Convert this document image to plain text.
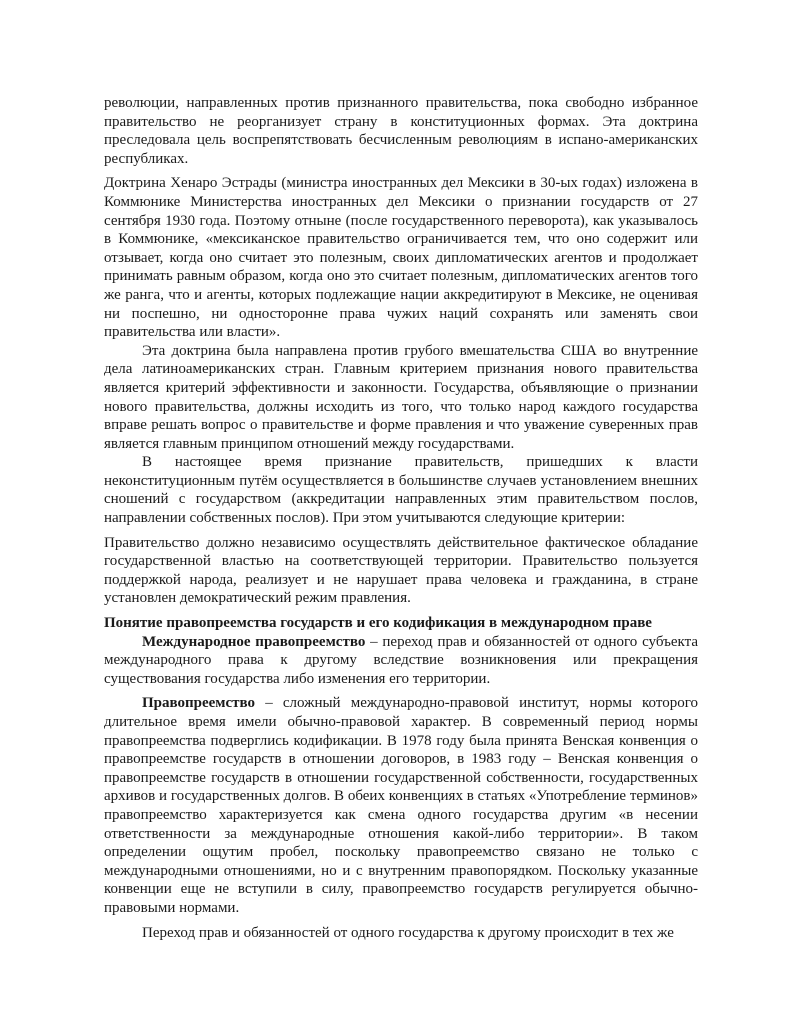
революции, направленных против признанного правительства, пока свободно избранное правительство не реорганизует страну в конституционных формах. Эта доктрина преследовала цель воспрепятствовать бесчисленным революциям в испано-американских республиках.

Доктрина Хенаро Эстрады (министра иностранных дел Мексики в 30-ых годах) изложена в Коммюнике Министерства иностранных дел Мексики о признании государств от 27 сентября 1930 года. Поэтому отныне (после государственного переворота), как указывалось в Коммюнике, «мексиканское правительство ограничивается тем, что оно содержит или отзывает, когда оно считает это полезным, своих дипломатических агентов и продолжает принимать равным образом, когда оно это считает полезным, дипломатических агентов того же ранга, что и агенты, которых подлежащие нации аккредитируют в Мексике, не оценивая ни поспешно, ни односторонне права чужих наций сохранять или заменять свои правительства или власти».

Эта доктрина была направлена против грубого вмешательства США во внутренние дела латиноамериканских стран. Главным критерием признания нового правительства является критерий эффективности и законности. Государства, объявляющие о признании нового правительства, должны исходить из того, что только народ каждого государства вправе решать вопрос о правительстве и форме правления и что уважение суверенных прав является главным принципом отношений между государствами.

В настоящее время признание правительств, пришедших к власти неконституционным путём осуществляется в большинстве случаев установлением внешних сношений с государством (аккредитации направленных этим правительством послов, направлении собственных послов). При этом учитываются следующие критерии:

Правительство должно независимо осуществлять действительное фактическое обладание государственной властью на соответствующей территории. Правительство пользуется поддержкой народа, реализует и не нарушает права человека и гражданина, в стране установлен демократический режим правления.

Понятие правопреемства государств и его кодификация в международном праве

Международное правопреемство – переход прав и обязанностей от одного субъекта международного права к другому вследствие возникновения или прекращения существования государства либо изменения его территории.

Правопреемство – сложный международно-правовой институт, нормы которого длительное время имели обычно-правовой характер. В современный период нормы правопреемства подверглись кодификации. В 1978 году была принята Венская конвенция о правопреемстве государств в отношении договоров, в 1983 году – Венская конвенция о правопреемстве государств в отношении государственной собственности, государственных архивов и государственных долгов. В обеих конвенциях в статьях «Употребление терминов» правопреемство характеризуется как смена одного государства другим «в несении ответственности за международные отношения какой-либо территории». В таком определении ощутим пробел, поскольку правопреемство связано не только с международными отношениями, но и с внутренним правопорядком. Поскольку указанные конвенции еще не вступили в силу, правопреемство государств регулируется обычно-правовыми нормами.

Переход прав и обязанностей от одного государства к другому происходит в тех же
